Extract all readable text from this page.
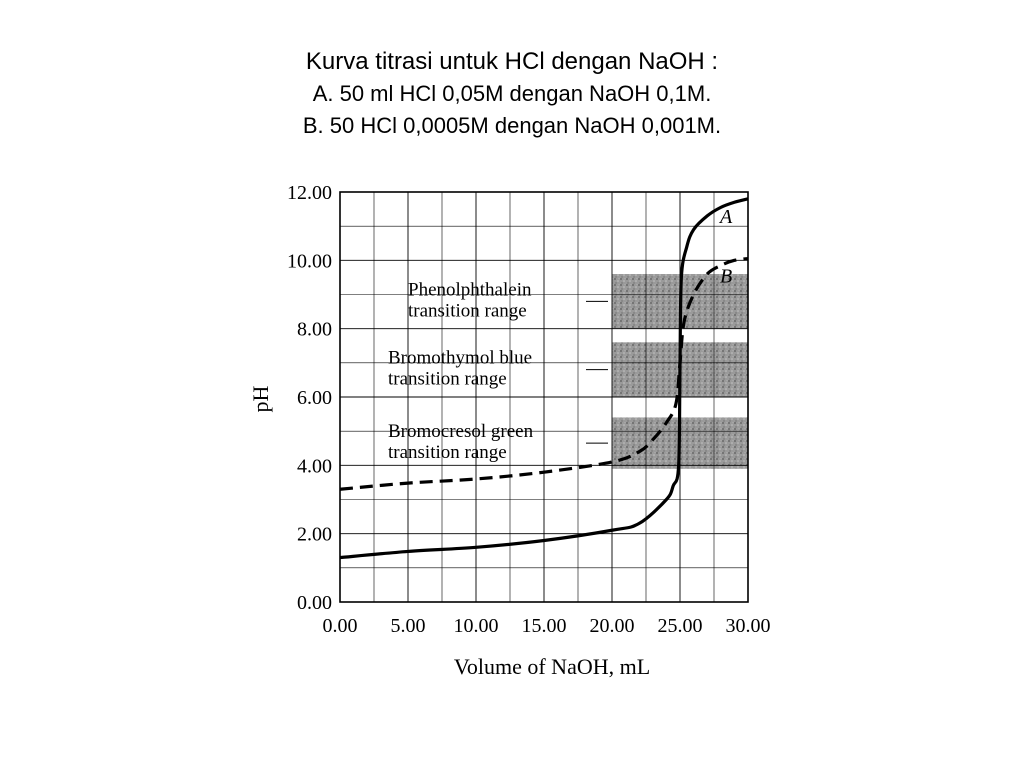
Kurva titrasi untuk HCl dengan NaOH :
A. 50 ml HCl 0,05M dengan NaOH 0,1M.
B. 50 HCl 0,0005M dengan NaOH 0,001M.
Phenolphthalein
transition range
Bromothymol blue
transition range
Bromocresol green
transition range
A
B
0.00
2.00
4.00
6.00
8.00
10.00
12.00
0.00 5.00 10.00 15.00 20.00 25.00 30.00
Volume of NaOH, mL
pH
